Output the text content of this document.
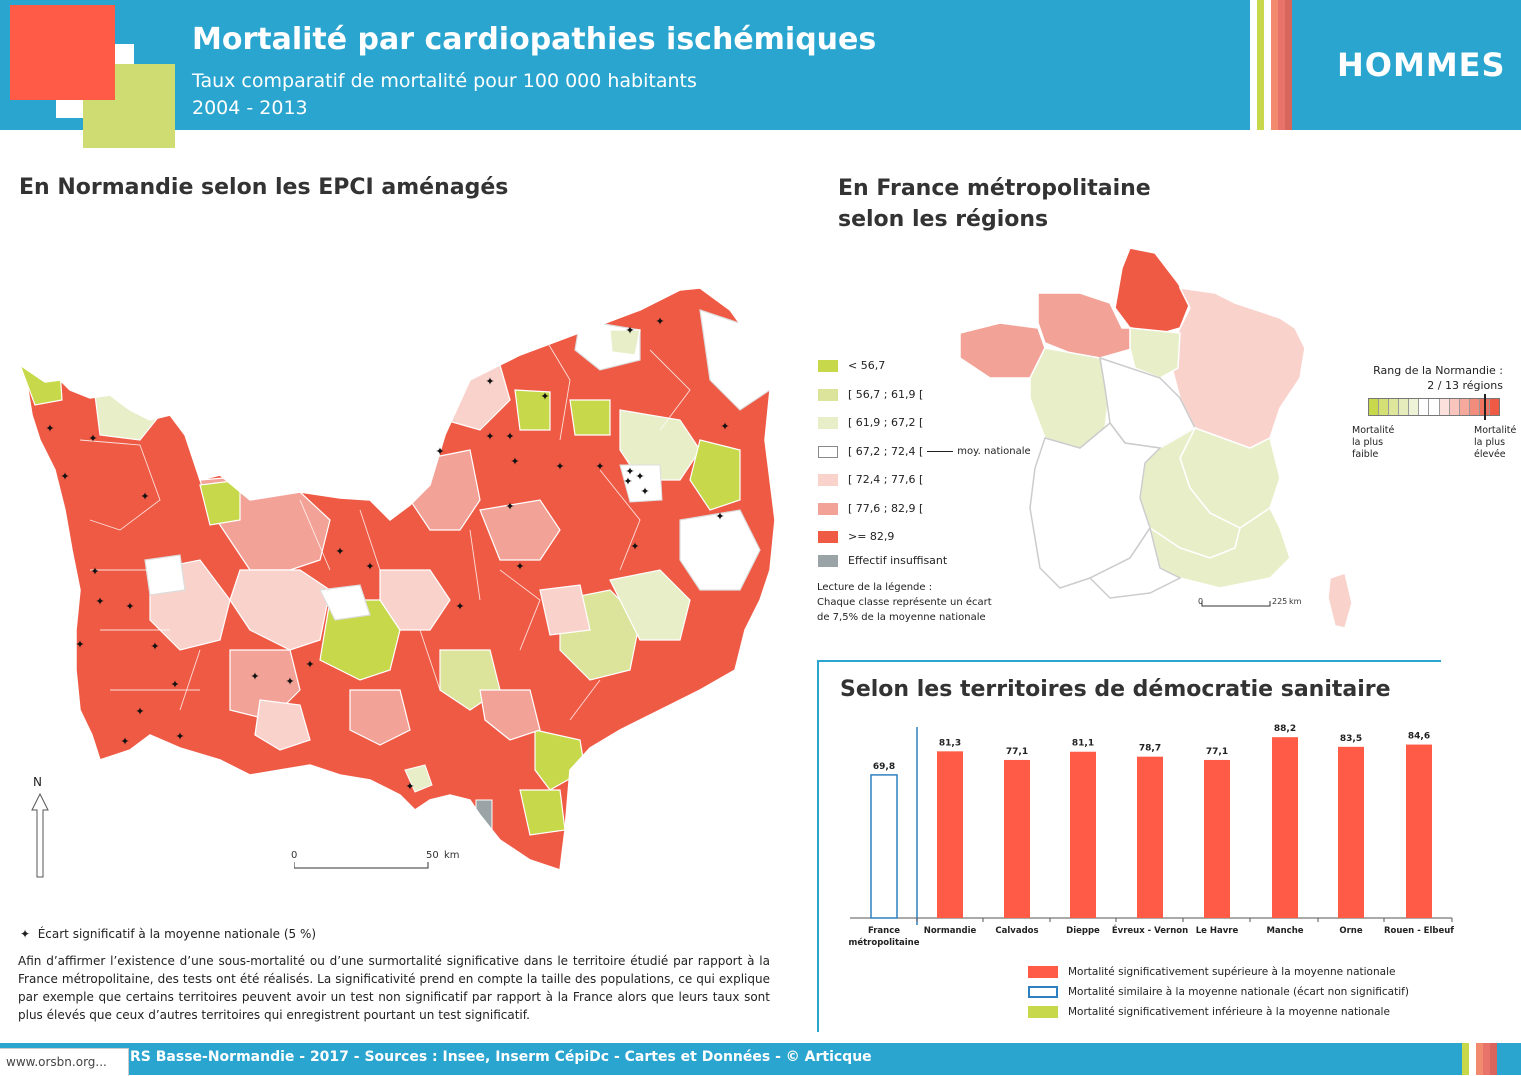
Mortalité par cardiopathies ischémiques
Taux comparatif de mortalité pour 100 000 habitants
2004 - 2013
HOMMES
En Normandie selon les EPCI aménagés	En France métropolitaine
selon les régions
✦
✦
✦
✦
✦
✦ ✦
✦
✦
✦
✦
✦
✦
✦
✦
✦
✦
✦
✦
✦
✦
✦
✦	✦ ✦
✦ ✦
✦
✦
✦
✦
✦
✦
✦
✦
✦
✦
✦
✦
N
0	50 km
< 56,7
[ 56,7 ; 61,9 [
[ 61,9 ; 67,2 [
[ 67,2 ; 72,4 [	moy. nationale
[ 72,4 ; 77,6 [
[ 77,6 ; 82,9 [
>= 82,9
Effectif insuffisant
Lecture de la légende :
Chaque classe représente un écart
de 7,5% de la moyenne nationale
0	225 km
Rang de la Normandie :
2 / 13 régions
Mortalité
la plus
faible
Mortalité
la plus
élevée
Selon les territoires de démocratie sanitaire
69,8
France
métropolitaine
81,3
Normandie
77,1
Calvados
81,1
Dieppe
78,7
Évreux - Vernon
77,1
Le Havre
88,2
Manche
83,5
Orne
84,6
Rouen - Elbeuf
Mortalité significativement supérieure à la moyenne nationale
Mortalité similaire à la moyenne nationale (écart non significatif)
Mortalité significativement inférieure à la moyenne nationale
✦ Écart significatif à la moyenne nationale (5 %)
Afin d’affirmer l’existence d’une sous-mortalité ou d’une surmortalité significative dans le territoire étudié par rapport à la France métropolitaine, des tests ont été réalisés. La significativité prend en compte la taille des populations, ce qui explique par exemple que certains territoires peuvent avoir un test non significatif par rapport à la France alors que leurs taux sont plus élevés que ceux d’autres territoires qui enregistrent pourtant un test significatif.
RS Basse-Normandie - 2017 - Sources : Insee, Inserm CépiDc - Cartes et Données - © Articque
www.orsbn.org...
